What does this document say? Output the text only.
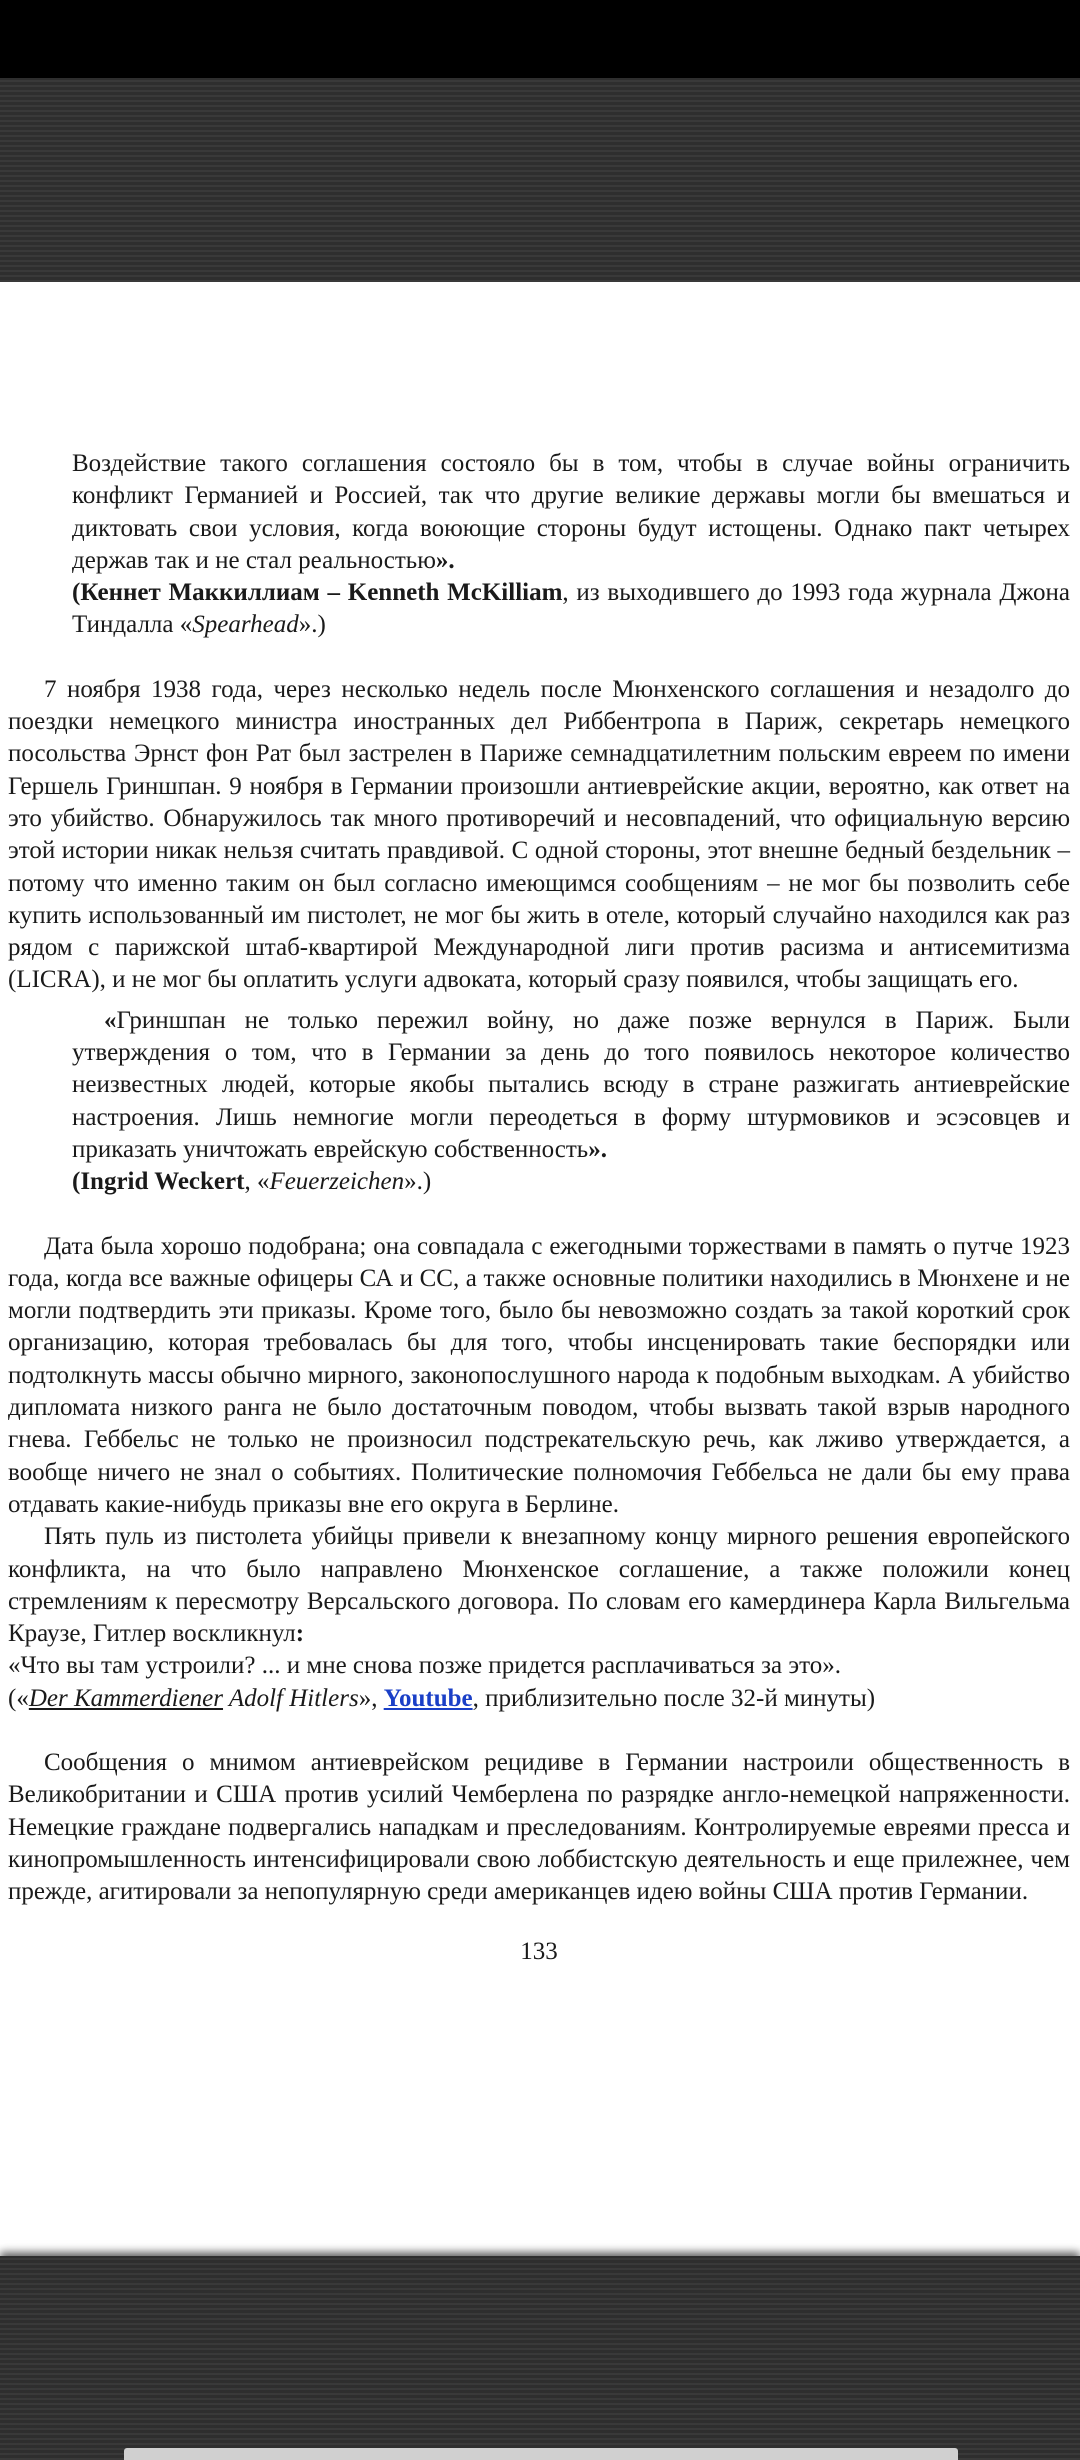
Воздействие такого соглашения состояло бы в том, чтобы в случае войны ограничить конфликт Германией и Россией, так что другие великие державы могли бы вмешаться и диктовать свои условия, когда воюющие стороны будут истощены. Однако пакт четырех держав так и не стал реальностью».

(Кеннет Маккиллиам – Kenneth McKilliam, из выходившего до 1993 года журнала Джона Тиндалла «Spearhead».)

7 ноября 1938 года, через несколько недель после Мюнхенского соглашения и незадолго до поездки немецкого министра иностранных дел Риббентропа в Париж, секретарь немецкого посольства Эрнст фон Рат был застрелен в Париже семнадцатилетним польским евреем по имени Гершель Гриншпан. 9 ноября в Германии произошли антиеврейские акции, вероятно, как ответ на это убийство. Обнаружилось так много противоречий и несовпадений, что официальную версию этой истории никак нельзя считать правдивой. С одной стороны, этот внешне бедный бездельник – потому что именно таким он был согласно имеющимся сообщениям – не мог бы позволить себе купить использованный им пистолет, не мог бы жить в отеле, который случайно находился как раз рядом с парижской штаб-квартирой Международной лиги против расизма и антисемитизма (LICRA), и не мог бы оплатить услуги адвоката, который сразу появился, чтобы защищать его.

«Гриншпан не только пережил войну, но даже позже вернулся в Париж. Были утверждения о том, что в Германии за день до того появилось некоторое количество неизвестных людей, которые якобы пытались всюду в стране разжигать антиеврейские настроения. Лишь немногие могли переодеться в форму штурмовиков и эсэсовцев и приказать уничтожать еврейскую собственность».

(Ingrid Weckert, «Feuerzeichen».)

Дата была хорошо подобрана; она совпадала с ежегодными торжествами в память о путче 1923 года, когда все важные офицеры СА и СС, а также основные политики находились в Мюнхене и не могли подтвердить эти приказы. Кроме того, было бы невозможно создать за такой короткий срок организацию, которая требовалась бы для того, чтобы инсценировать такие беспорядки или подтолкнуть массы обычно мирного, законопослушного народа к подобным выходкам. А убийство дипломата низкого ранга не было достаточным поводом, чтобы вызвать такой взрыв народного гнева. Геббельс не только не произносил подстрекательскую речь, как лживо утверждается, а вообще ничего не знал о событиях. Политические полномочия Геббельса не дали бы ему права отдавать какие-нибудь приказы вне его округа в Берлине.

Пять пуль из пистолета убийцы привели к внезапному концу мирного решения европейского конфликта, на что было направлено Мюнхенское соглашение, а также положили конец стремлениям к пересмотру Версальского договора. По словам его камердинера Карла Вильгельма Краузе, Гитлер воскликнул:

«Что вы там устроили? ... и мне снова позже придется расплачиваться за это».

(«Der Kammerdiener Adolf Hitlers», Youtube, приблизительно после 32-й минуты)

Сообщения о мнимом антиеврейском рецидиве в Германии настроили общественность в Великобритании и США против усилий Чемберлена по разрядке англо-немецкой напряженности. Немецкие граждане подвергались нападкам и преследованиям. Контролируемые евреями пресса и кинопромышленность интенсифицировали свою лоббистскую деятельность и еще прилежнее, чем прежде, агитировали за непопулярную среди американцев идею войны США против Германии.

133
